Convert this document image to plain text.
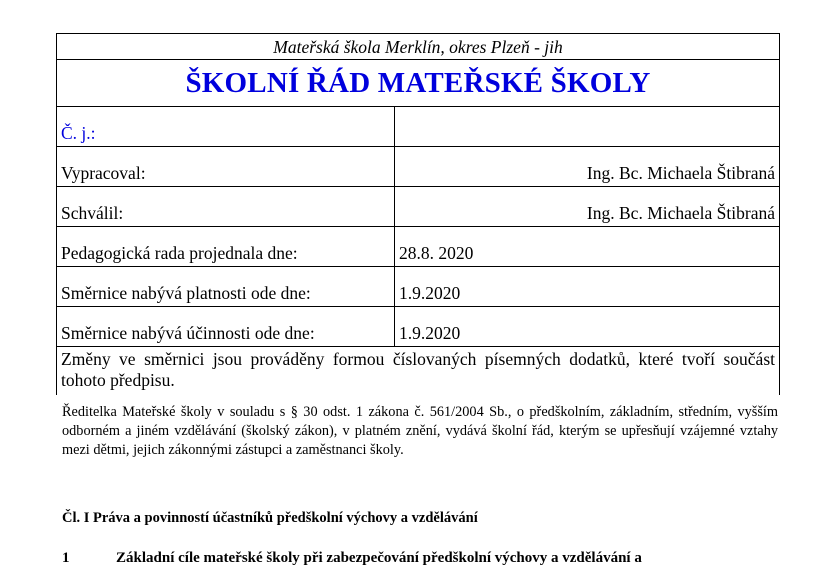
Mateřská škola Merklín, okres Plzeň - jih	
ŠKOLNÍ ŘÁD MATEŘSKÉ ŠKOLY	
Č. j.:	
Vypracoval:	Ing. Bc. Michaela Štibraná
Schválil:	Ing. Bc. Michaela Štibraná
Pedagogická rada projednala dne:	28.8. 2020
Směrnice nabývá platnosti ode dne:	1.9.2020
Směrnice nabývá účinnosti ode dne:	1.9.2020
Změny ve směrnici jsou prováděny formou číslovaných písemných dodatků, které tvoří součást tohoto předpisu.	

Ředitelka Mateřské školy v souladu s § 30 odst. 1 zákona č. 561/2004 Sb., o předškolním, základním, středním, vyšším odborném a jiném vzdělávání (školský zákon), v platném znění, vydává školní řád, kterým se upřesňují vzájemné vztahy mezi dětmi, jejich zákonnými zástupci a zaměstnanci školy.

Čl. I Práva a povinností účastníků předškolní výchovy a vzdělávání

1	Základní cíle mateřské školy při zabezpečování předškolní výchovy a vzdělávání a
